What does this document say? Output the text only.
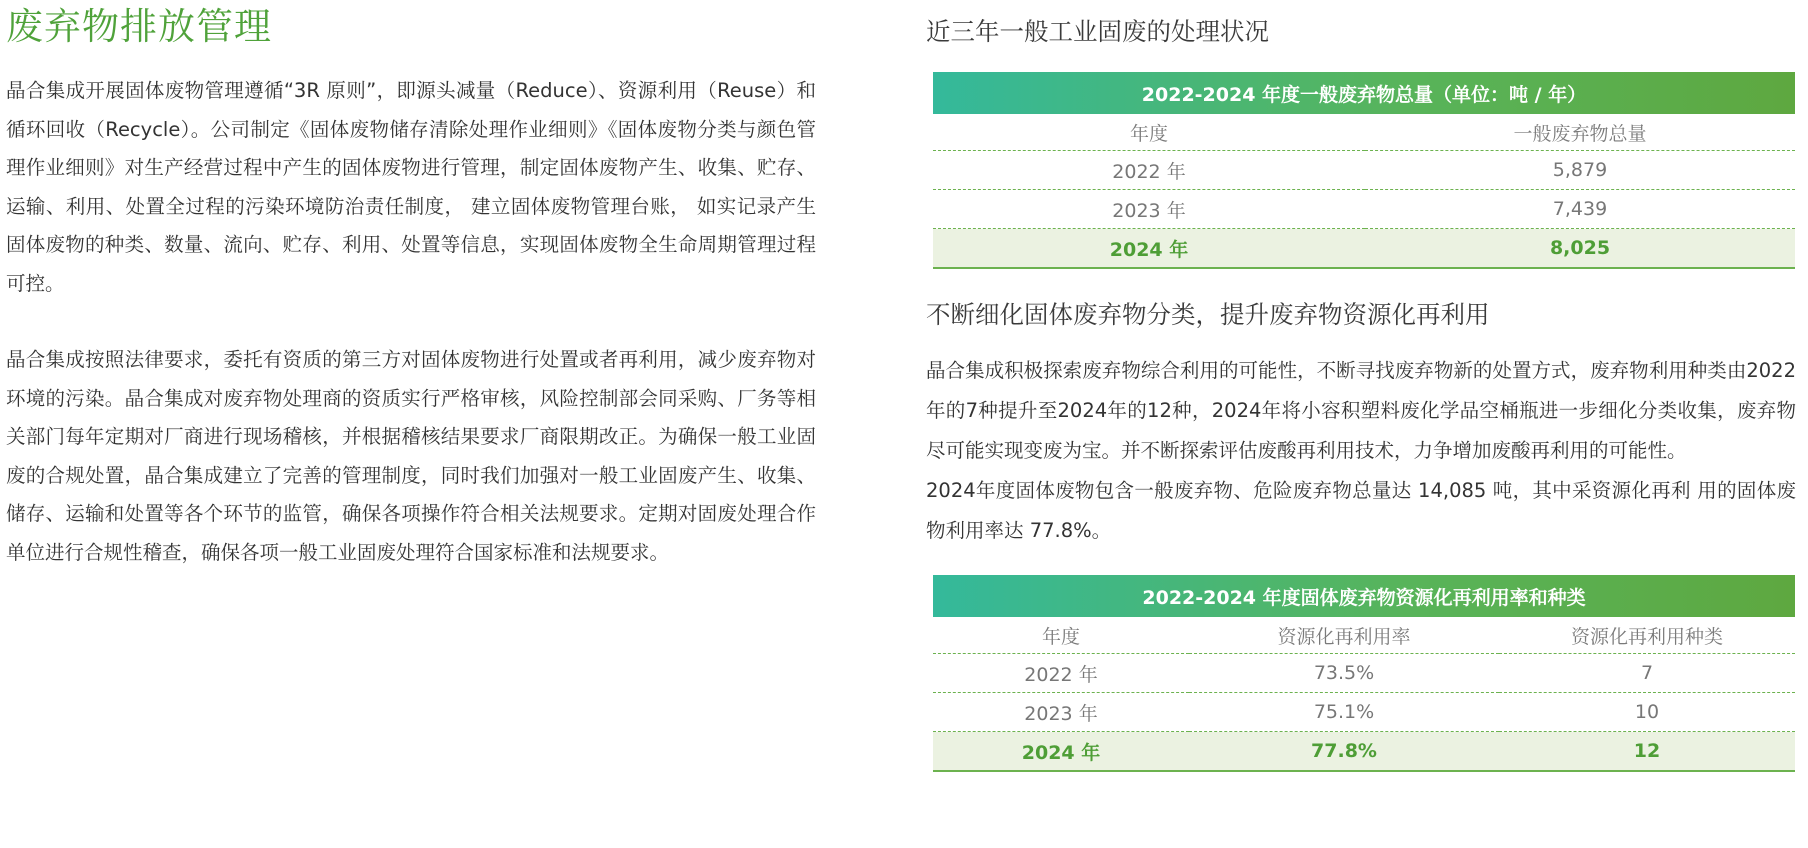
废弃物排放管理

晶合集成开展固体废物管理遵循“3R 原则”，即源头减量（Reduce）、资源利用（Reuse）和循环回收（Recycle）。公司制定《固体废物储存清除处理作业细则》《固体废物分类与颜色管理作业细则》对生产经营过程中产生的固体废物进行管理，制定固体废物产生、收集、贮存、运输、利用、处置全过程的污染环境防治责任制度， 建立固体废物管理台账， 如实记录产生固体废物的种类、数量、流向、贮存、利用、处置等信息，实现固体废物全生命周期管理过程可控。

晶合集成按照法律要求，委托有资质的第三方对固体废物进行处置或者再利用，减少废弃物对环境的污染。晶合集成对废弃物处理商的资质实行严格审核，风险控制部会同采购、厂务等相关部门每年定期对厂商进行现场稽核，并根据稽核结果要求厂商限期改正。为确保一般工业固废的合规处置，晶合集成建立了完善的管理制度，同时我们加强对一般工业固废产生、收集、储存、运输和处置等各个环节的监管，确保各项操作符合相关法规要求。定期对固废处理合作单位进行合规性稽查，确保各项一般工业固废处理符合国家标准和法规要求。

近三年一般工业固废的处理状况
2022-2024 年度一般废弃物总量（单位：吨 / 年）	
年度	一般废弃物总量
2022 年	5,879
2023 年	7,439
2024 年	8,025
不断细化固体废弃物分类，提升废弃物资源化再利用

晶合集成积极探索废弃物综合利用的可能性，不断寻找废弃物新的处置方式，废弃物利用种类由2022年的7种提升至2024年的12种，2024年将小容积塑料废化学品空桶瓶进一步细化分类收集，废弃物尽可能实现变废为宝。并不断探索评估废酸再利用技术，力争增加废酸再利用的可能性。

2024年度固体废物包含一般废弃物、危险废弃物总量达 14,085 吨，其中采资源化再利 用的固体废物利用率达 77.8%。

2022-2024 年度固体废弃物资源化再利用率和种类		
年度	资源化再利用率	资源化再利用种类
2022 年	73.5%	7
2023 年	75.1%	10
2024 年	77.8%	12
